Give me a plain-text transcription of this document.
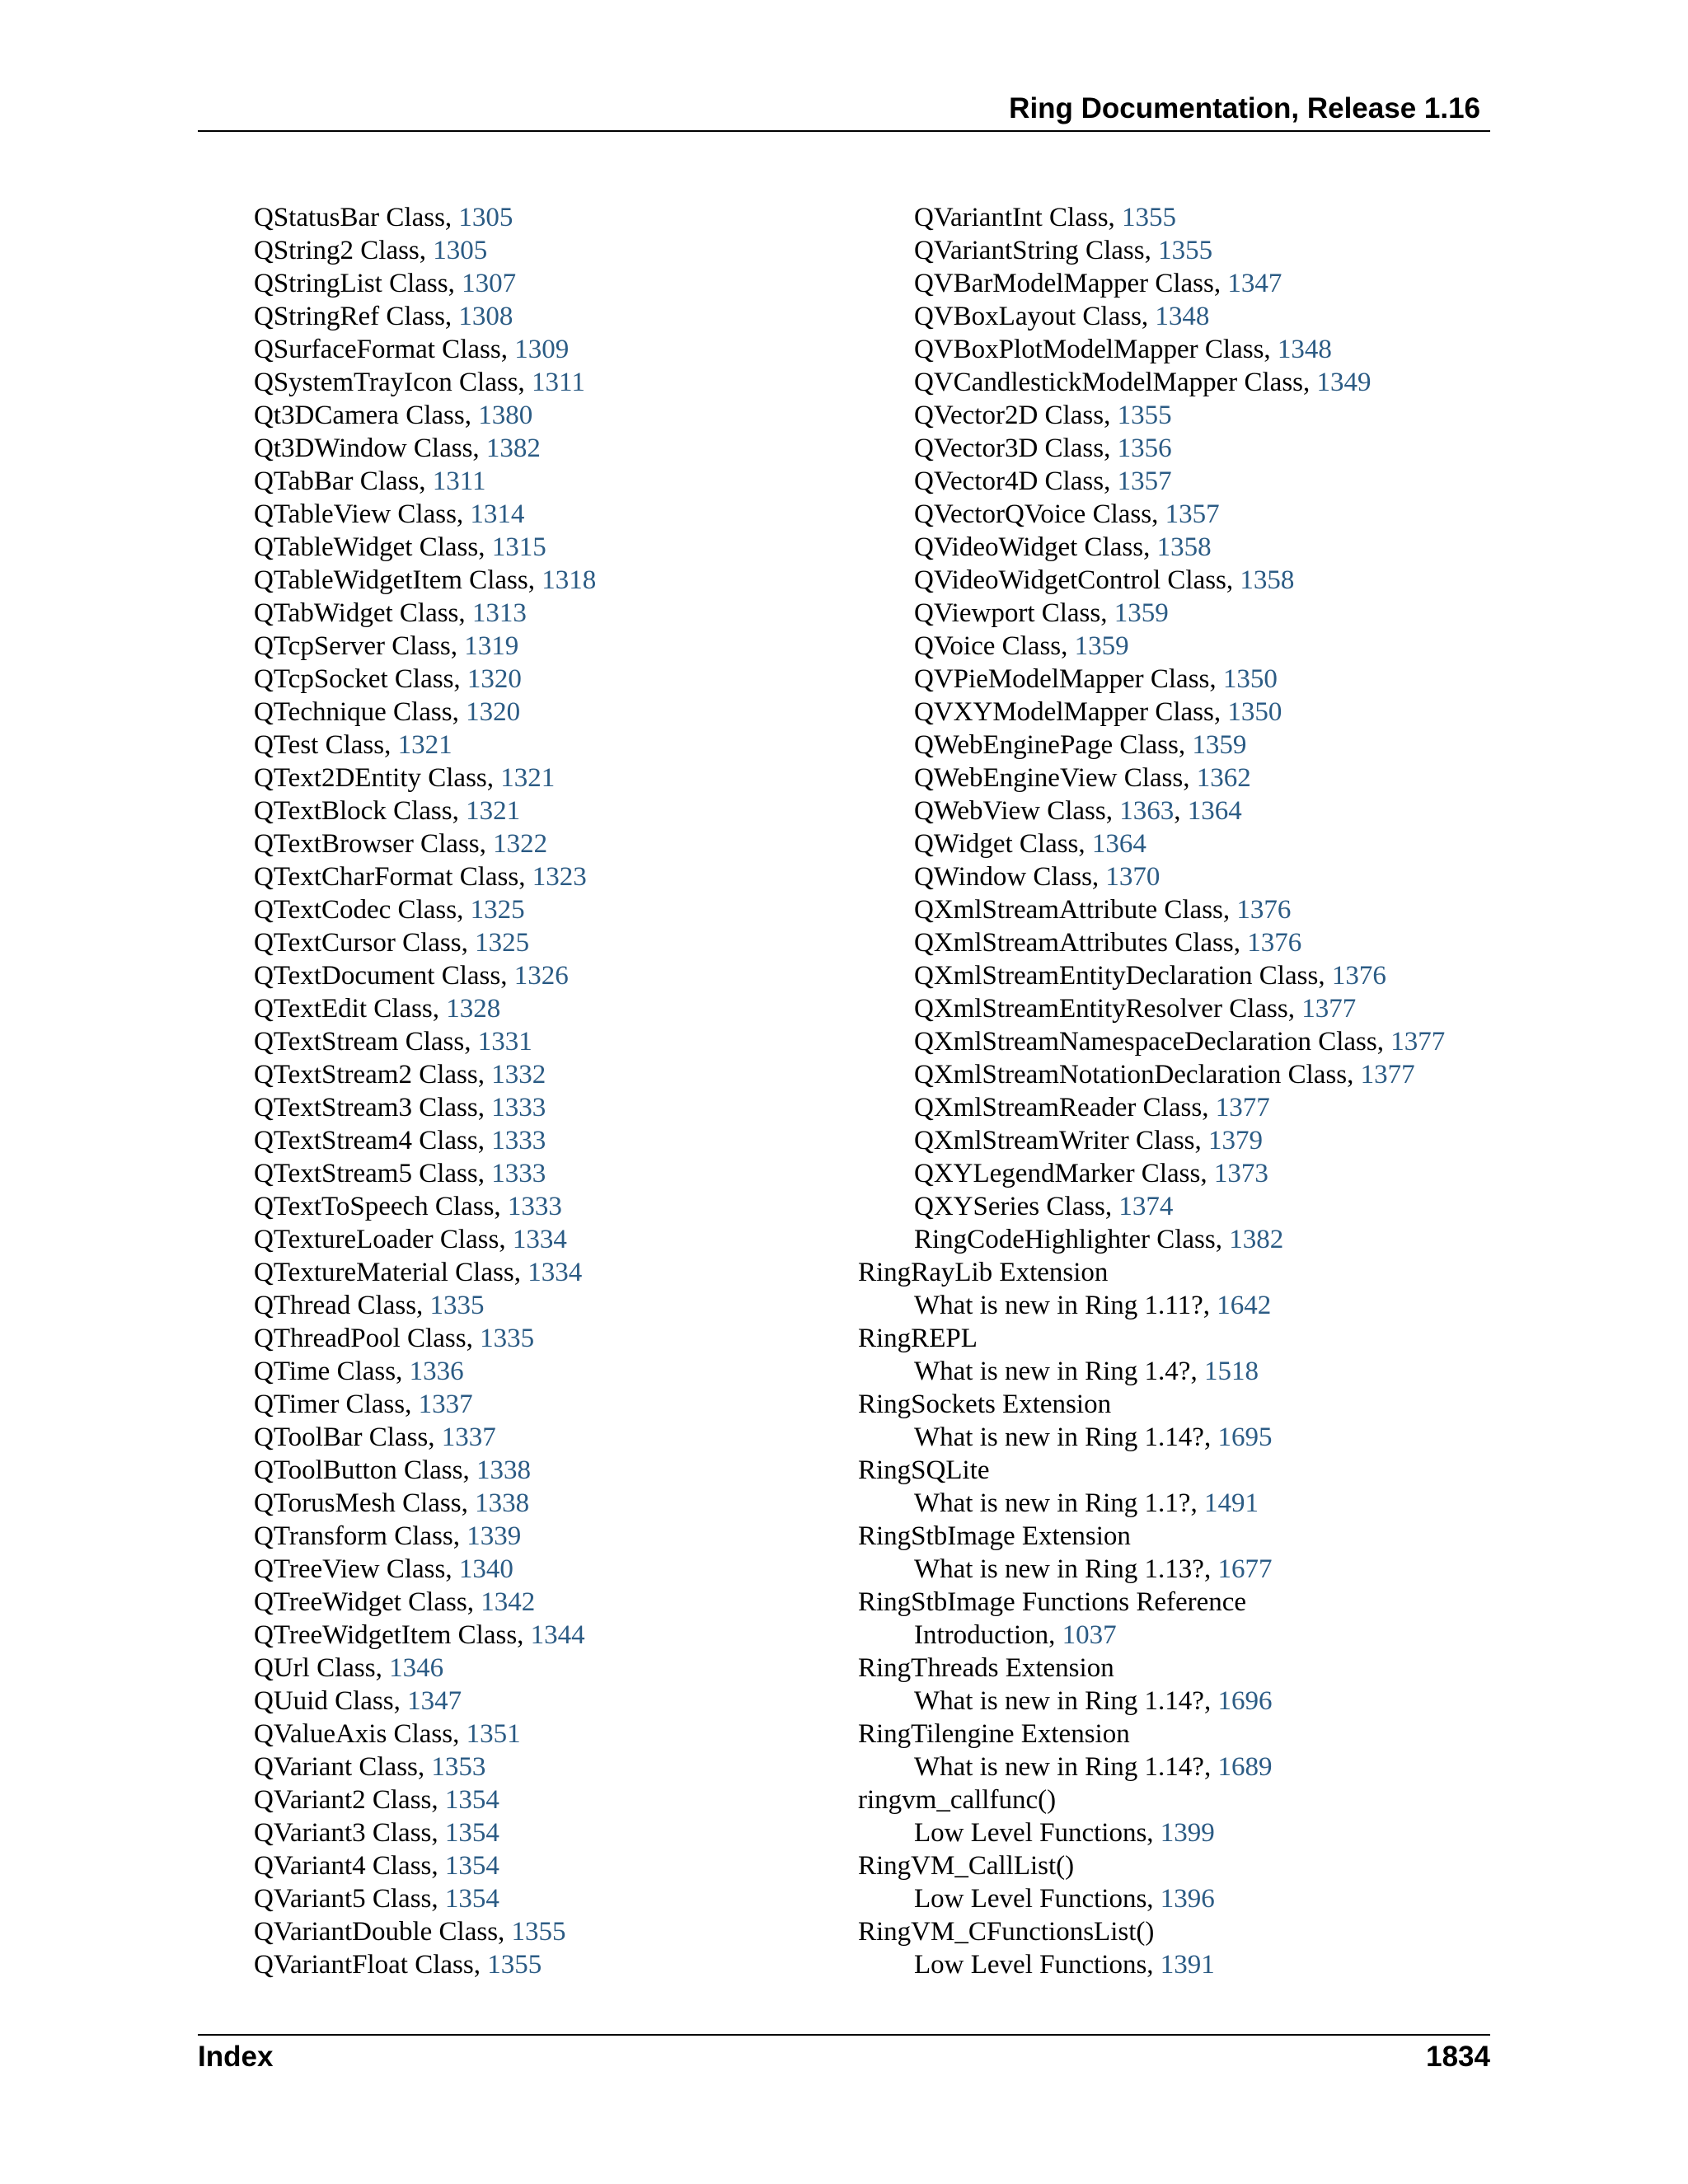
Ring Documentation, Release 1.16
QStatusBar Class, 1305
QString2 Class, 1305
QStringList Class, 1307
QStringRef Class, 1308
QSurfaceFormat Class, 1309
QSystemTrayIcon Class, 1311
Qt3DCamera Class, 1380
Qt3DWindow Class, 1382
QTabBar Class, 1311
QTableView Class, 1314
QTableWidget Class, 1315
QTableWidgetItem Class, 1318
QTabWidget Class, 1313
QTcpServer Class, 1319
QTcpSocket Class, 1320
QTechnique Class, 1320
QTest Class, 1321
QText2DEntity Class, 1321
QTextBlock Class, 1321
QTextBrowser Class, 1322
QTextCharFormat Class, 1323
QTextCodec Class, 1325
QTextCursor Class, 1325
QTextDocument Class, 1326
QTextEdit Class, 1328
QTextStream Class, 1331
QTextStream2 Class, 1332
QTextStream3 Class, 1333
QTextStream4 Class, 1333
QTextStream5 Class, 1333
QTextToSpeech Class, 1333
QTextureLoader Class, 1334
QTextureMaterial Class, 1334
QThread Class, 1335
QThreadPool Class, 1335
QTime Class, 1336
QTimer Class, 1337
QToolBar Class, 1337
QToolButton Class, 1338
QTorusMesh Class, 1338
QTransform Class, 1339
QTreeView Class, 1340
QTreeWidget Class, 1342
QTreeWidgetItem Class, 1344
QUrl Class, 1346
QUuid Class, 1347
QValueAxis Class, 1351
QVariant Class, 1353
QVariant2 Class, 1354
QVariant3 Class, 1354
QVariant4 Class, 1354
QVariant5 Class, 1354
QVariantDouble Class, 1355
QVariantFloat Class, 1355
QVariantInt Class, 1355
QVariantString Class, 1355
QVBarModelMapper Class, 1347
QVBoxLayout Class, 1348
QVBoxPlotModelMapper Class, 1348
QVCandlestickModelMapper Class, 1349
QVector2D Class, 1355
QVector3D Class, 1356
QVector4D Class, 1357
QVectorQVoice Class, 1357
QVideoWidget Class, 1358
QVideoWidgetControl Class, 1358
QViewport Class, 1359
QVoice Class, 1359
QVPieModelMapper Class, 1350
QVXYModelMapper Class, 1350
QWebEnginePage Class, 1359
QWebEngineView Class, 1362
QWebView Class, 1363, 1364
QWidget Class, 1364
QWindow Class, 1370
QXmlStreamAttribute Class, 1376
QXmlStreamAttributes Class, 1376
QXmlStreamEntityDeclaration Class, 1376
QXmlStreamEntityResolver Class, 1377
QXmlStreamNamespaceDeclaration Class, 1377
QXmlStreamNotationDeclaration Class, 1377
QXmlStreamReader Class, 1377
QXmlStreamWriter Class, 1379
QXYLegendMarker Class, 1373
QXYSeries Class, 1374
RingCodeHighlighter Class, 1382
RingRayLib Extension
What is new in Ring 1.11?, 1642
RingREPL
What is new in Ring 1.4?, 1518
RingSockets Extension
What is new in Ring 1.14?, 1695
RingSQLite
What is new in Ring 1.1?, 1491
RingStbImage Extension
What is new in Ring 1.13?, 1677
RingStbImage Functions Reference
Introduction, 1037
RingThreads Extension
What is new in Ring 1.14?, 1696
RingTilengine Extension
What is new in Ring 1.14?, 1689
ringvm_callfunc()
Low Level Functions, 1399
RingVM_CallList()
Low Level Functions, 1396
RingVM_CFunctionsList()
Low Level Functions, 1391
Index	1834
